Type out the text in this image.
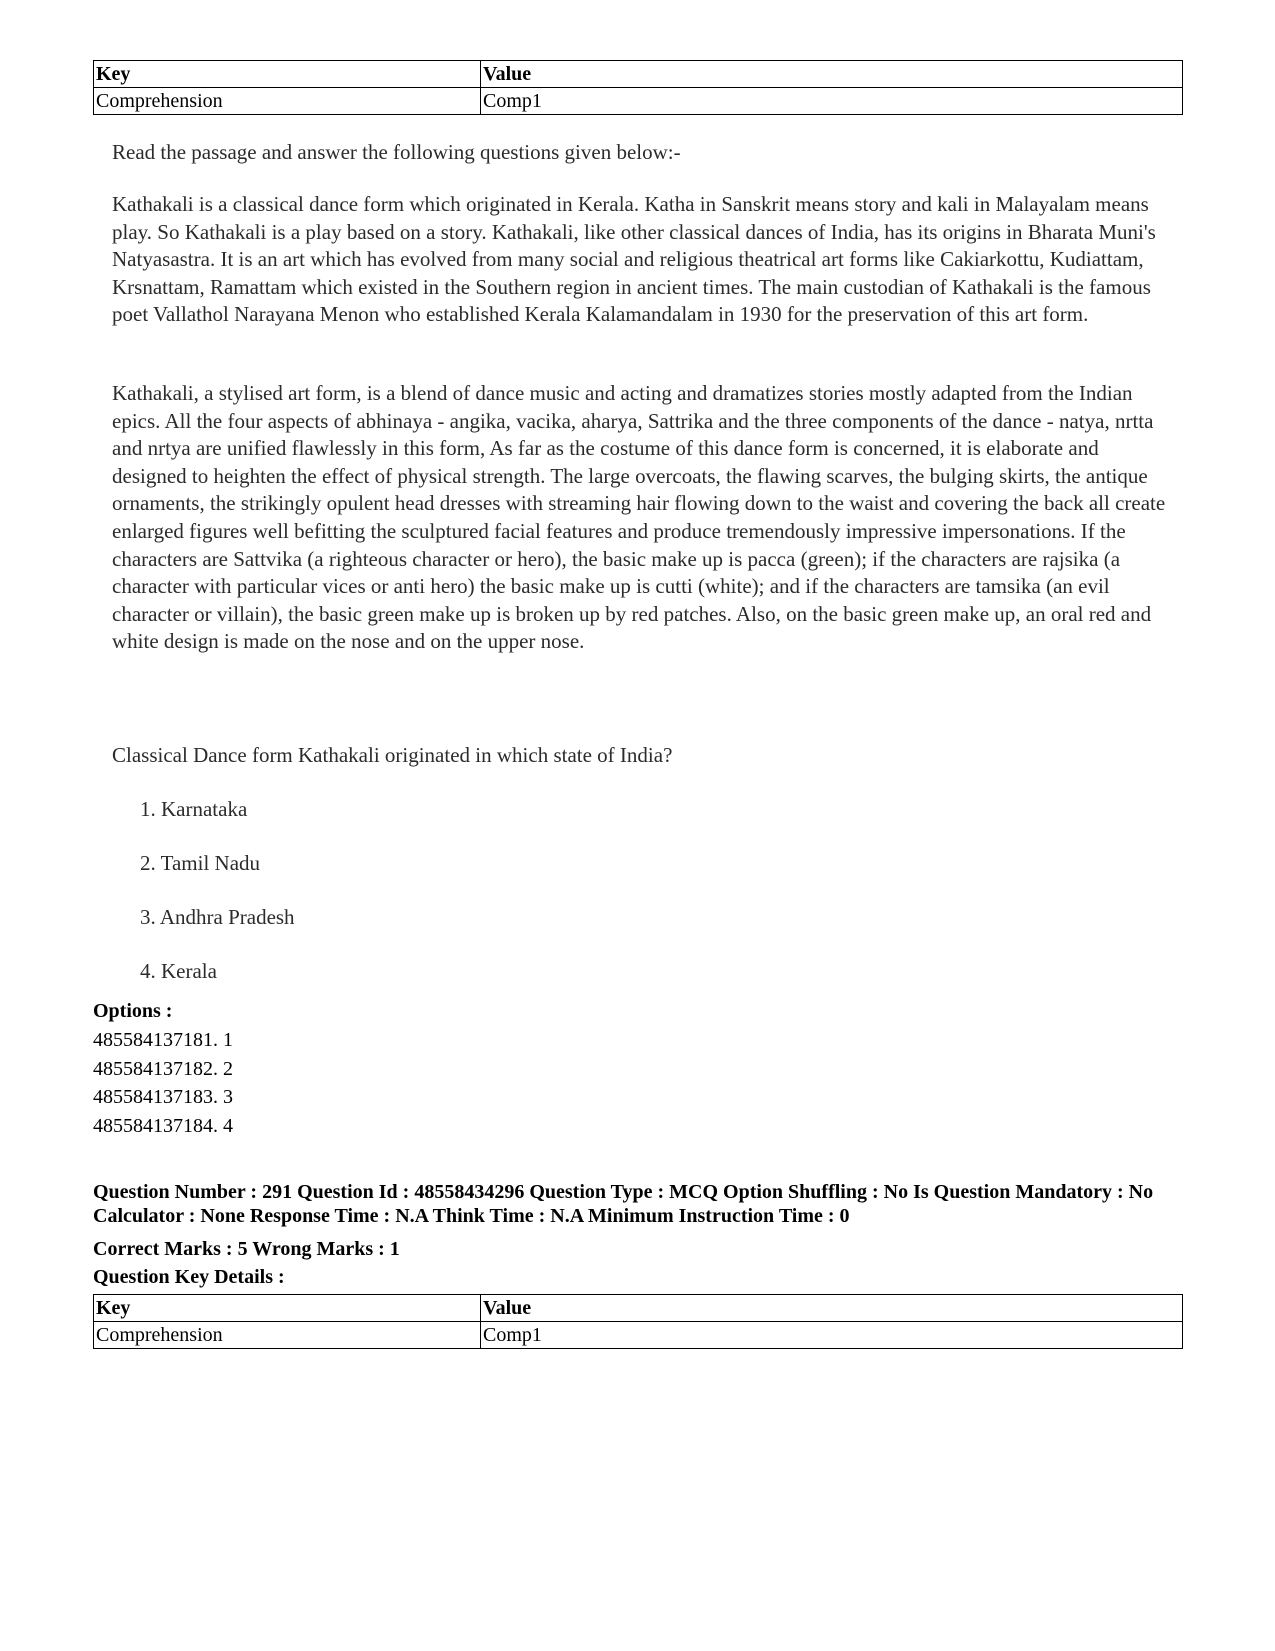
Key	Value
Comprehension	Comp1

Read the passage and answer the following questions given below:-

Kathakali is a classical dance form which originated in Kerala. Katha in Sanskrit means story and kali in Malayalam means play. So Kathakali is a play based on a story. Kathakali, like other classical dances of India, has its origins in Bharata Muni's Natyasastra. It is an art which has evolved from many social and religious theatrical art forms like Cakiarkottu, Kudiattam, Krsnattam, Ramattam which existed in the Southern region in ancient times. The main custodian of Kathakali is the famous poet Vallathol Narayana Menon who established Kerala Kalamandalam in 1930 for the preservation of this art form.

Kathakali, a stylised art form, is a blend of dance music and acting and dramatizes stories mostly adapted from the Indian epics. All the four aspects of abhinaya - angika, vacika, aharya, Sattrika and the three components of the dance - natya, nrtta and nrtya are unified flawlessly in this form, As far as the costume of this dance form is concerned, it is elaborate and designed to heighten the effect of physical strength. The large overcoats, the flawing scarves, the bulging skirts, the antique ornaments, the strikingly opulent head dresses with streaming hair flowing down to the waist and covering the back all create enlarged figures well befitting the sculptured facial features and produce tremendously impressive impersonations. If the characters are Sattvika (a righteous character or hero), the basic make up is pacca (green); if the characters are rajsika (a character with particular vices or anti hero) the basic make up is cutti (white); and if the characters are tamsika (an evil character or villain), the basic green make up is broken up by red patches. Also, on the basic green make up, an oral red and white design is made on the nose and on the upper nose.

Classical Dance form Kathakali originated in which state of India?

1. Karnataka
2. Tamil Nadu
3. Andhra Pradesh
4. Kerala
Options :
485584137181. 1
485584137182. 2
485584137183. 3
485584137184. 4
Question Number : 291 Question Id : 48558434296 Question Type : MCQ Option Shuffling : No Is Question Mandatory : No Calculator : None Response Time : N.A Think Time : N.A Minimum Instruction Time : 0
Correct Marks : 5 Wrong Marks : 1
Question Key Details :
Key	Value
Comprehension	Comp1
